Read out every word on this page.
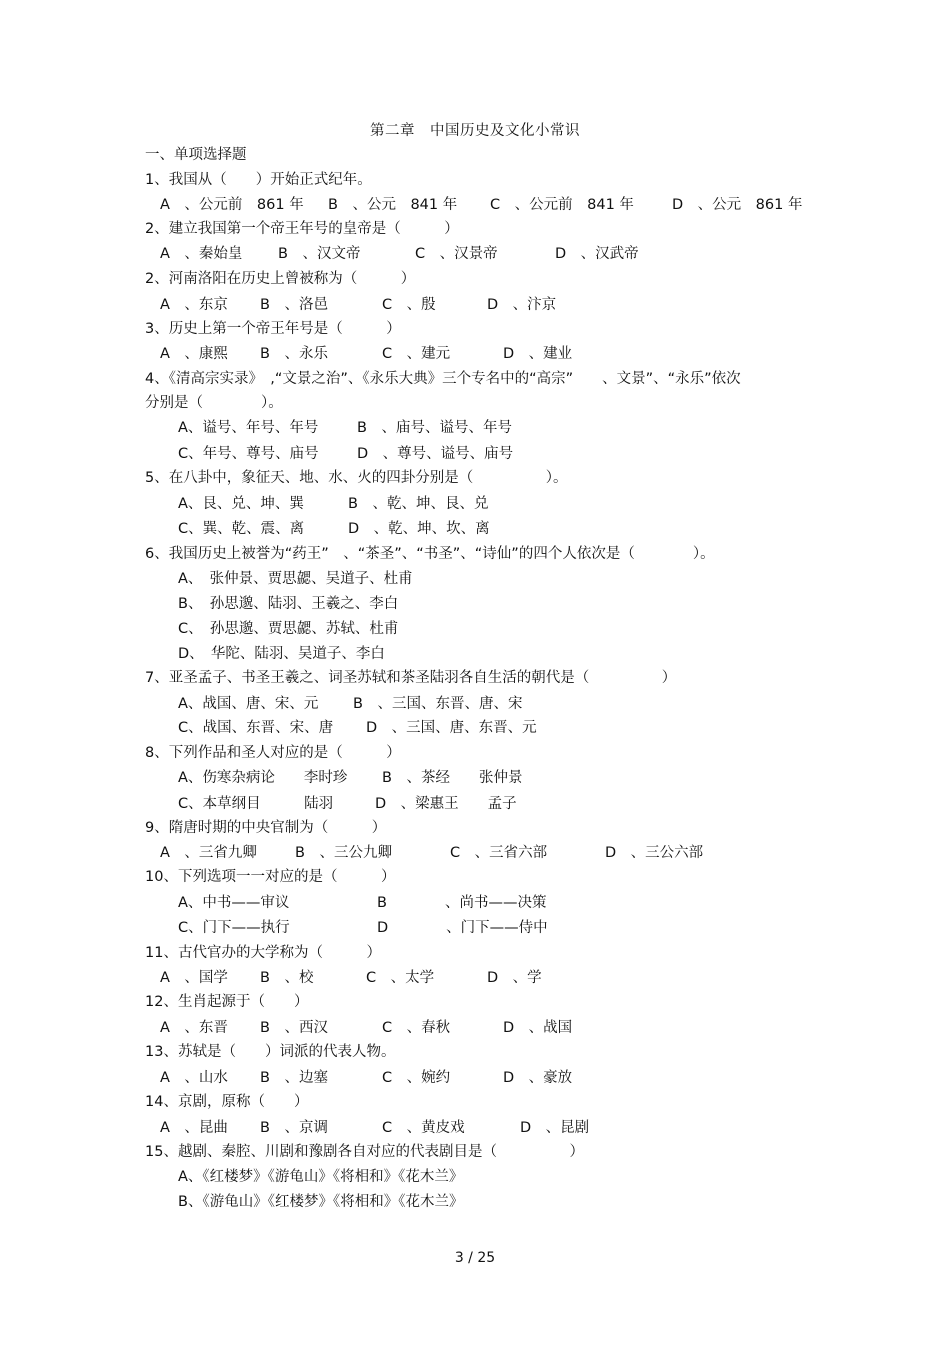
第二章　中国历史及文化小常识
一、单项选择题
1、我国从（　　）开始正式纪年。
A　、公元前　861 年 B　、公元　841 年 C　、公元前　841 年	D　、公元　861 年
2、建立我国第一个帝王年号的皇帝是（　　　）
A　、秦始皇 B　、汉文帝	C　、汉景帝	D　、汉武帝
2、河南洛阳在历史上曾被称为（　　　）
A　、东京 B　、洛邑	C　、殷	D　、汴京
3、历史上第一个帝王年号是（　　　）
A　、康熙 B　、永乐	C　、建元	D　、建业
4、《清高宗实录》　,“文景之治”、《永乐大典》三个专名中的“高宗”　　、文景”、“永乐”依次
分别是（　　　　）。
A、谥号、年号、年号	B　、庙号、谥号、年号
C、年号、尊号、庙号	D　、尊号、谥号、庙号
5、在八卦中，象征天、地、水、火的四卦分别是（　　　　　）。
A、艮、兑、坤、巽	B　、乾、坤、艮、兑
C、巽、乾、震、离	D　、乾、坤、坎、离
6、我国历史上被誉为“药王”　、“茶圣”、“书圣”、“诗仙”的四个人依次是（　　　　）。
A、　张仲景、贾思勰、吴道子、杜甫
B、　孙思邈、陆羽、王羲之、李白
C、　孙思邈、贾思勰、苏轼、杜甫
D、　华陀、陆羽、吴道子、李白
7、亚圣孟子、书圣王羲之、词圣苏轼和茶圣陆羽各自生活的朝代是（　　　　　）
A、战国、唐、宋、元 B　、三国、东晋、唐、宋
C、战国、东晋、宋、唐 D　、三国、唐、东晋、元
8、下列作品和圣人对应的是（　　　）
A、伤寒杂病论　　李时珍 B　、茶经　　张仲景
C、本草纲目　　　陆羽	D　、梁惠王　　孟子
9、隋唐时期的中央官制为（　　　）
A　、三省九卿	B　、三公九卿	C　、三省六部	D　、三公六部
10、下列选项一一对应的是（　　　）
A、中书——审议	B　　　　、尚书——决策
C、门下——执行	D　　　　、门下——侍中
11、古代官办的大学称为（　　　）
A　、国学 B　、校	C　、太学	D　、学
12、生肖起源于（　　）
A　、东晋 B　、西汉	C　、春秋	D　、战国
13、苏轼是（　　）词派的代表人物。
A　、山水 B　、边塞	C　、婉约	D　、豪放
14、京剧，原称（　　）
A　、昆曲 B　、京调	C　、黄皮戏	D　、昆剧
15、越剧、秦腔、川剧和豫剧各自对应的代表剧目是（　　　　　）
A、《红楼梦》《游龟山》《将相和》《花木兰》
B、《游龟山》《红楼梦》《将相和》《花木兰》
3 / 25
